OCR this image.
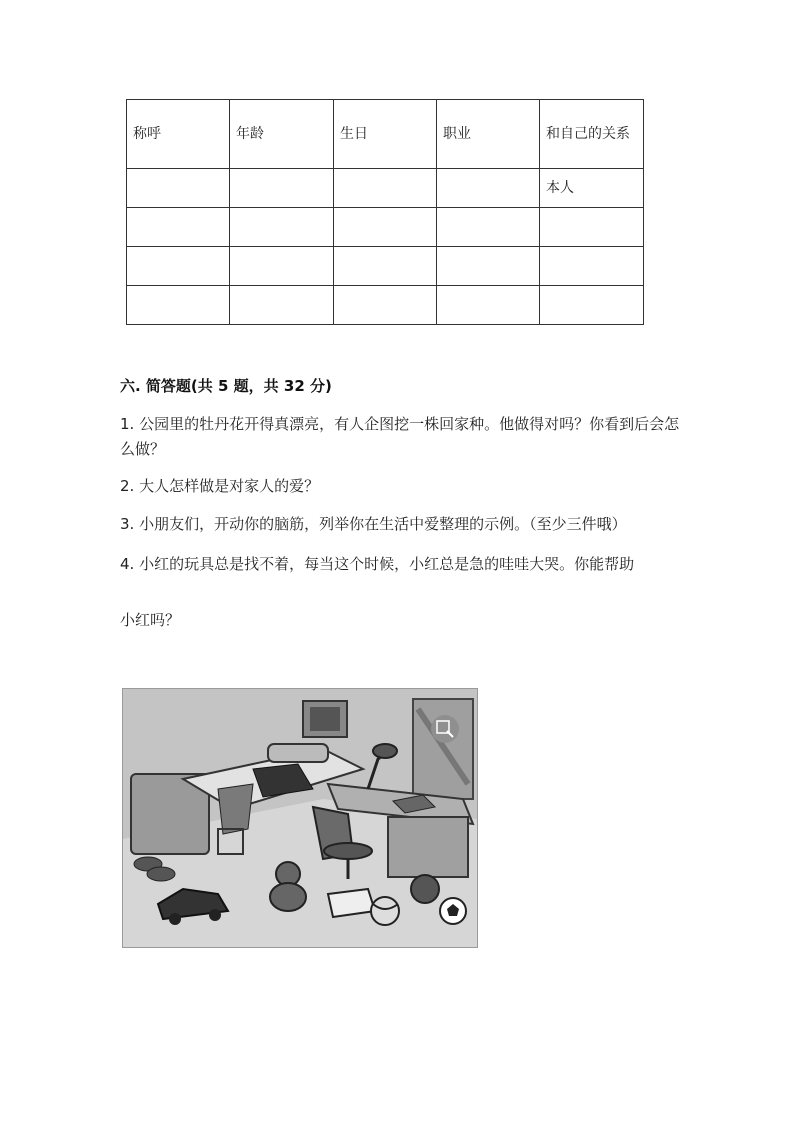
称呼	年龄	生日	职业	和自己的关系
				本人

六. 简答题(共 5 题，共 32 分)
1. 公园里的牡丹花开得真漂亮，有人企图挖一株回家种。他做得对吗？你看到后会怎么做？
2. 大人怎样做是对家人的爱？
3. 小朋友们，开动你的脑筋，列举你在生活中爱整理的示例。（至少三件哦）
4. 小红的玩具总是找不着，每当这个时候，小红总是急的哇哇大哭。你能帮助
小红吗？
